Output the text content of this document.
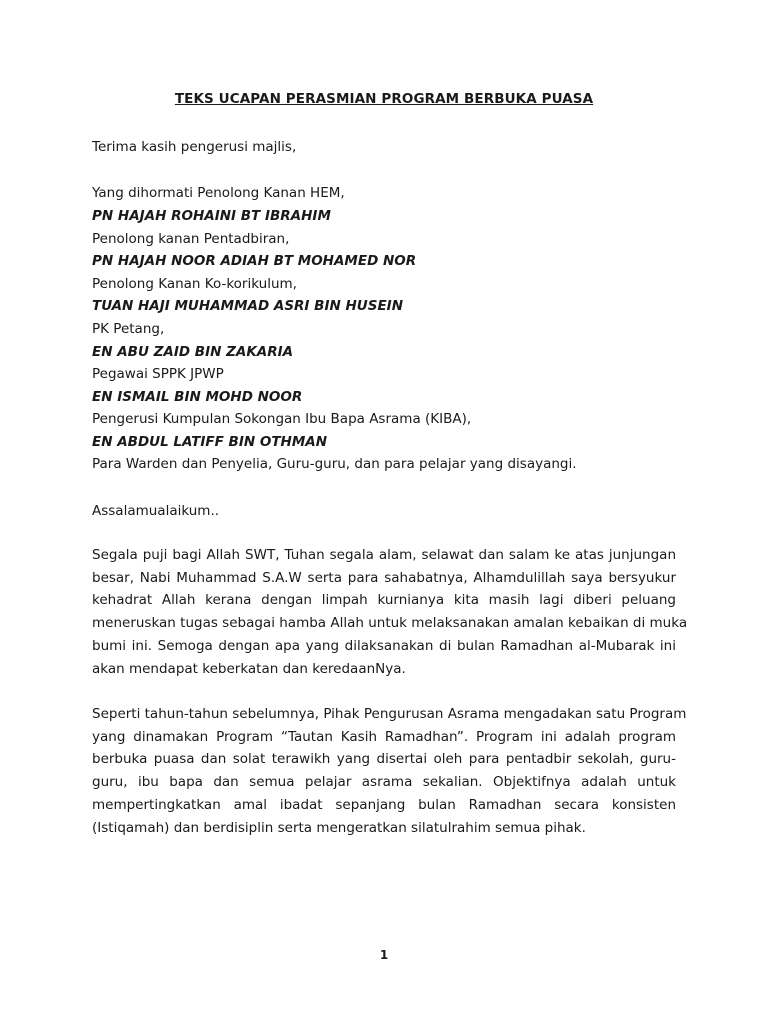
TEKS UCAPAN PERASMIAN PROGRAM BERBUKA PUASA
Terima kasih pengerusi majlis,
Yang dihormati Penolong Kanan HEM,
PN HAJAH ROHAINI BT IBRAHIM
Penolong kanan Pentadbiran,
PN HAJAH NOOR ADIAH BT MOHAMED NOR
Penolong Kanan Ko-korikulum,
TUAN HAJI MUHAMMAD ASRI BIN HUSEIN
PK Petang,
EN ABU ZAID BIN ZAKARIA
Pegawai SPPK JPWP
EN ISMAIL BIN MOHD NOOR
Pengerusi Kumpulan Sokongan Ibu Bapa Asrama (KIBA),
EN ABDUL LATIFF BIN OTHMAN
Para Warden dan Penyelia, Guru-guru, dan para pelajar yang disayangi.
Assalamualaikum..
Segala puji bagi Allah SWT, Tuhan segala alam, selawat dan salam ke atas junjungan
besar, Nabi Muhammad S.A.W serta para sahabatnya, Alhamdulillah saya bersyukur
kehadrat Allah kerana dengan limpah kurnianya kita masih lagi diberi peluang
meneruskan tugas sebagai hamba Allah untuk melaksanakan amalan kebaikan di muka
bumi ini. Semoga dengan apa yang dilaksanakan di bulan Ramadhan al-Mubarak ini
akan mendapat keberkatan dan keredaanNya.
Seperti tahun-tahun sebelumnya, Pihak Pengurusan Asrama mengadakan satu Program
yang dinamakan Program “Tautan Kasih Ramadhan”. Program ini adalah program
berbuka puasa dan solat terawikh yang disertai oleh para pentadbir sekolah, guru-
guru, ibu bapa dan semua pelajar asrama sekalian. Objektifnya adalah untuk
mempertingkatkan amal ibadat sepanjang bulan Ramadhan secara konsisten
(Istiqamah) dan berdisiplin serta mengeratkan silatulrahim semua pihak.
1
